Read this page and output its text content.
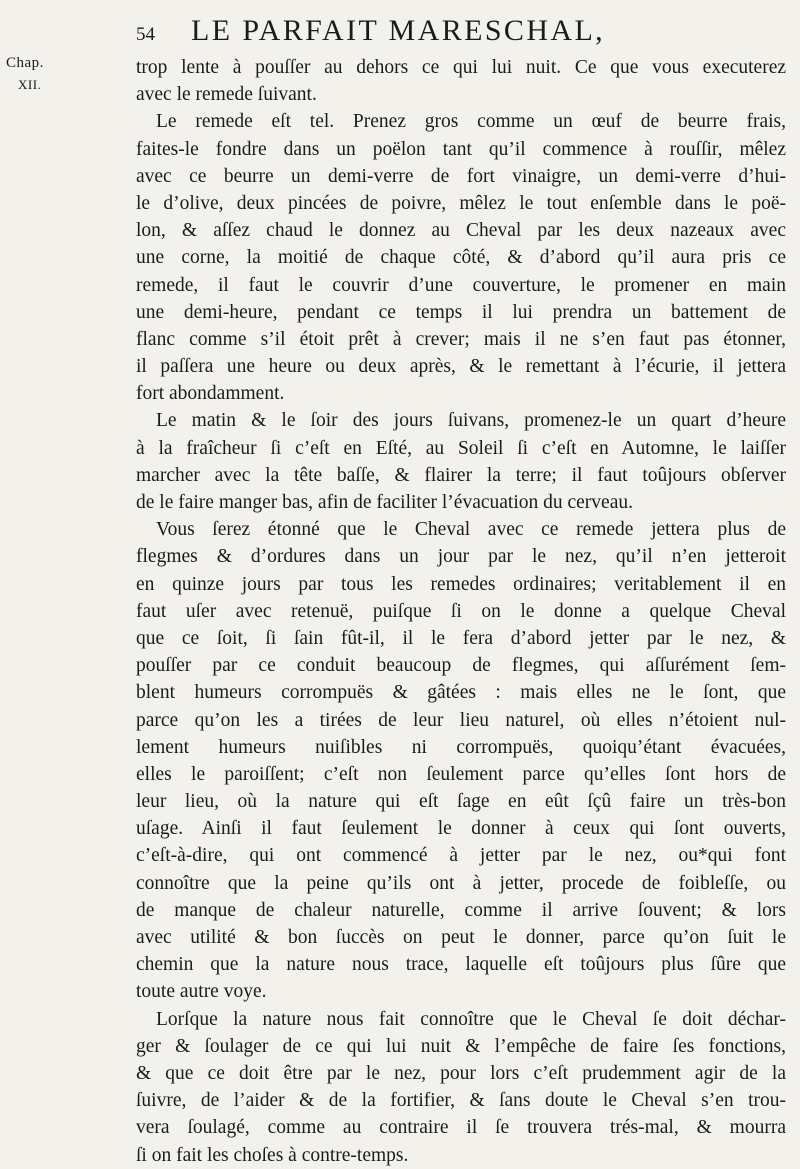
Chap.
XII.
54 LE PARFAIT MARESCHAL,
trop lente à pouſſer au dehors ce qui lui nuit. Ce que vous executerez
avec le remede ſuivant.
Le remede eſt tel. Prenez gros comme un œuf de beurre frais,
faites-le fondre dans un poëlon tant qu’il commence à rouſſir, mêlez
avec ce beurre un demi-verre de fort vinaigre, un demi-verre d’hui-
le d’olive, deux pincées de poivre, mêlez le tout enſemble dans le poë-
lon, & aſſez chaud le donnez au Cheval par les deux nazeaux avec
une corne, la moitié de chaque côté, & d’abord qu’il aura pris ce
remede, il faut le couvrir d’une couverture, le promener en main
une demi-heure, pendant ce temps il lui prendra un battement de
flanc comme s’il étoit prêt à crever; mais il ne s’en faut pas étonner,
il paſſera une heure ou deux après, & le remettant à l’écurie, il jettera
fort abondamment.
Le matin & le ſoir des jours ſuivans, promenez-le un quart d’heure
à la fraîcheur ſi c’eſt en Eſté, au Soleil ſi c’eſt en Automne, le laiſſer
marcher avec la tête baſſe, & flairer la terre; il faut toûjours obſerver
de le faire manger bas, afin de faciliter l’évacuation du cerveau.
Vous ſerez étonné que le Cheval avec ce remede jettera plus de
flegmes & d’ordures dans un jour par le nez, qu’il n’en jetteroit
en quinze jours par tous les remedes ordinaires; veritablement il en
faut uſer avec retenuë, puiſque ſi on le donne a quelque Cheval
que ce ſoit, ſi ſain fût-il, il le fera d’abord jetter par le nez, &
pouſſer par ce conduit beaucoup de flegmes, qui aſſurément ſem-
blent humeurs corrompuës & gâtées : mais elles ne le ſont, que
parce qu’on les a tirées de leur lieu naturel, où elles n’étoient nul-
lement humeurs nuiſibles ni corrompuës, quoiqu’étant évacuées,
elles le paroiſſent; c’eſt non ſeulement parce qu’elles ſont hors de
leur lieu, où la nature qui eſt ſage en eût ſçû faire un très-bon
uſage. Ainſi il faut ſeulement le donner à ceux qui ſont ouverts,
c’eſt-à-dire, qui ont commencé à jetter par le nez, ou*qui font
connoître que la peine qu’ils ont à jetter, procede de foibleſſe, ou
de manque de chaleur naturelle, comme il arrive ſouvent; & lors
avec utilité & bon ſuccès on peut le donner, parce qu’on ſuit le
chemin que la nature nous trace, laquelle eſt toûjours plus ſûre que
toute autre voye.
Lorſque la nature nous fait connoître que le Cheval ſe doit déchar-
ger & ſoulager de ce qui lui nuit & l’empêche de faire ſes fonctions,
& que ce doit être par le nez, pour lors c’eſt prudemment agir de la
ſuivre, de l’aider & de la fortifier, & ſans doute le Cheval s’en trou-
vera ſoulagé, comme au contraire il ſe trouvera trés-mal, & mourra
ſi on fait les choſes à contre-temps.
